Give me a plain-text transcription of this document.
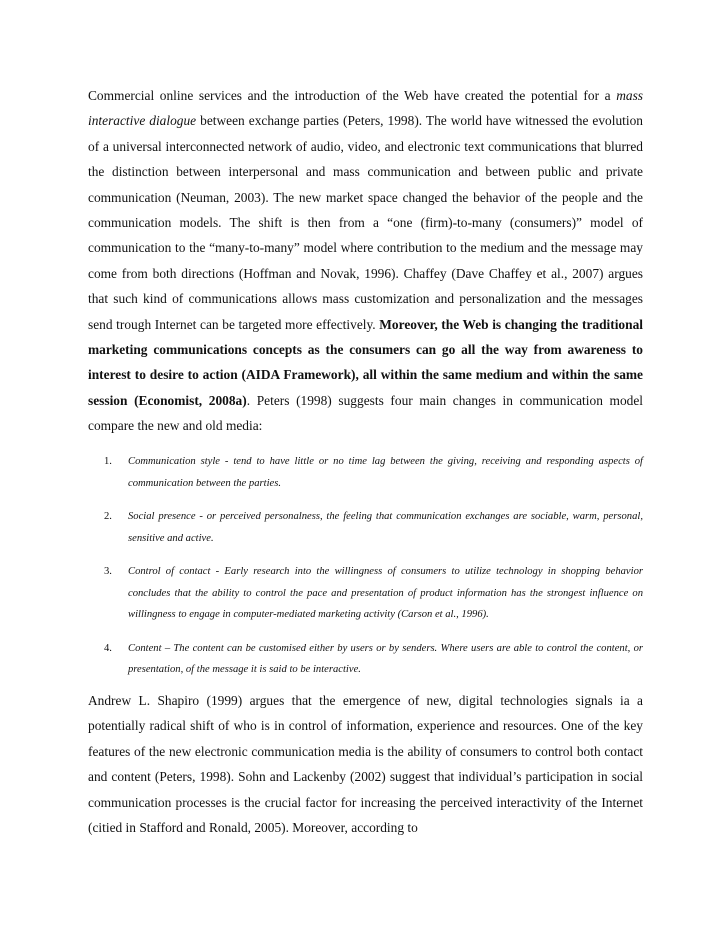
Commercial online services and the introduction of the Web have created the potential for a mass interactive dialogue between exchange parties (Peters, 1998). The world have witnessed the evolution of a universal interconnected network of audio, video, and electronic text communications that blurred the distinction between interpersonal and mass communication and between public and private communication (Neuman, 2003). The new market space changed the behavior of the people and the communication models. The shift is then from a “one (firm)-to-many (consumers)” model of communication to the “many-to-many” model where contribution to the medium and the message may come from both directions (Hoffman and Novak, 1996). Chaffey (Dave Chaffey et al., 2007) argues that such kind of communications allows mass customization and personalization and the messages send trough Internet can be targeted more effectively. Moreover, the Web is changing the traditional marketing communications concepts as the consumers can go all the way from awareness to interest to desire to action (AIDA Framework), all within the same medium and within the same session (Economist, 2008a). Peters (1998) suggests four main changes in communication model compare the new and old media:

1. Communication style - tend to have little or no time lag between the giving, receiving and responding aspects of communication between the parties.
2. Social presence - or perceived personalness, the feeling that communication exchanges are sociable, warm, personal, sensitive and active.
3. Control of contact - Early research into the willingness of consumers to utilize technology in shopping behavior concludes that the ability to control the pace and presentation of product information has the strongest influence on willingness to engage in computer-mediated marketing activity (Carson et al., 1996).
4. Content – The content can be customised either by users or by senders. Where users are able to control the content, or presentation, of the message it is said to be interactive.

Andrew L. Shapiro (1999) argues that the emergence of new, digital technologies signals ia a potentially radical shift of who is in control of information, experience and resources. One of the key features of the new electronic communication media is the ability of consumers to control both contact and content (Peters, 1998). Sohn and Lackenby (2002) suggest that individual’s participation in social communication processes is the crucial factor for increasing the perceived interactivity of the Internet (citied in Stafford and Ronald, 2005). Moreover, according to
